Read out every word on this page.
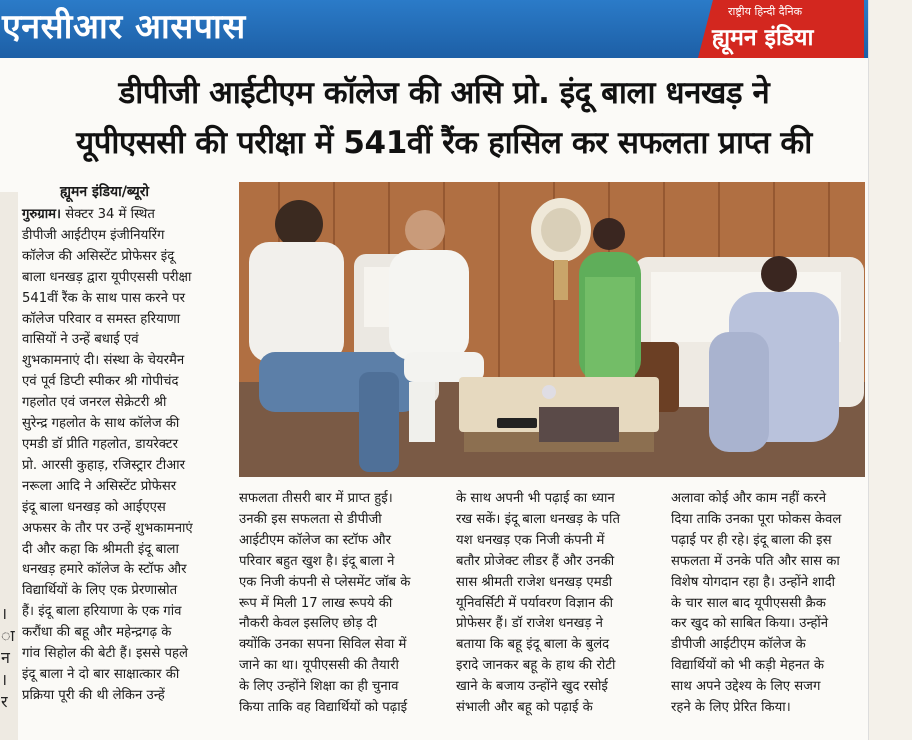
एनसीआर आसपास	राष्ट्रीय हिन्दी दैनिक
ह्यूमन इंडिया
डीपीजी आईटीएम कॉलेज की असि प्रो. इंदू बाला धनखड़ ने
यूपीएससी की परीक्षा में 541वीं रैंक हासिल कर सफलता प्राप्त की
।
ा
न
।
र
ह्यूमन इंडिया/ब्यूरो

गुरुग्राम। सेक्टर 34 में स्थित

डीपीजी आईटीएम इंजीनियरिंग

कॉलेज की असिस्टेंट प्रोफेसर इंदू

बाला धनखड़ द्वारा यूपीएससी परीक्षा

541वीं रैंक के साथ पास करने पर

कॉलेज परिवार व समस्त हरियाणा

वासियों ने उन्हें बधाई एवं

शुभकामनाएं दी। संस्था के चेयरमैन

एवं पूर्व डिप्टी स्पीकर श्री गोपीचंद

गहलोत एवं जनरल सेक्रेटरी श्री

सुरेन्द्र गहलोत के साथ कॉलेज की

एमडी डॉ प्रीति गहलोत, डायरेक्टर

प्रो. आरसी कुहाड़, रजिस्ट्रार टीआर

नरूला आदि ने असिस्टेंट प्रोफेसर

इंदू बाला धनखड़ को आईएएस

अफसर के तौर पर उन्हें शुभकामनाएं

दी और कहा कि श्रीमती इंदू बाला

धनखड़ हमारे कॉलेज के स्टॉफ और

विद्यार्थियों के लिए एक प्रेरणास्रोत

हैं। इंदू बाला हरियाणा के एक गांव

करौंधा की बहू और महेन्द्रगढ़ के

गांव सिहोल की बेटी हैं। इससे पहले

इंदू बाला ने दो बार साक्षात्कार की

प्रक्रिया पूरी की थी लेकिन उन्हें

सफलता तीसरी बार में प्राप्त हुई।

उनकी इस सफलता से डीपीजी

आईटीएम कॉलेज का स्टॉफ और

परिवार बहुत खुश है। इंदू बाला ने

एक निजी कंपनी से प्लेसमेंट जॉब के

रूप में मिली 17 लाख रूपये की

नौकरी केवल इसलिए छोड़ दी

क्योंकि उनका सपना सिविल सेवा में

जाने का था। यूपीएससी की तैयारी

के लिए उन्होंने शिक्षा का ही चुनाव

किया ताकि वह विद्यार्थियों को पढ़ाई

के साथ अपनी भी पढ़ाई का ध्यान

रख सकें। इंदू बाला धनखड़ के पति

यश धनखड़ एक निजी कंपनी में

बतौर प्रोजेक्ट लीडर हैं और उनकी

सास श्रीमती राजेश धनखड़ एमडी

यूनिवर्सिटी में पर्यावरण विज्ञान की

प्रोफेसर हैं। डॉ राजेश धनखड़ ने

बताया कि बहू इंदू बाला के बुलंद

इरादे जानकर बहू के हाथ की रोटी

खाने के बजाय उन्होंने खुद रसोई

संभाली और बहू को पढ़ाई के

अलावा कोई और काम नहीं करने

दिया ताकि उनका पूरा फोकस केवल

पढ़ाई पर ही रहे। इंदू बाला की इस

सफलता में उनके पति और सास का

विशेष योगदान रहा है। उन्होंने शादी

के चार साल बाद यूपीएससी क्रैक

कर खुद को साबित किया। उन्होंने

डीपीजी आईटीएम कॉलेज के

विद्यार्थियों को भी कड़ी मेहनत के

साथ अपने उद्देश्य के लिए सजग

रहने के लिए प्रेरित किया।
